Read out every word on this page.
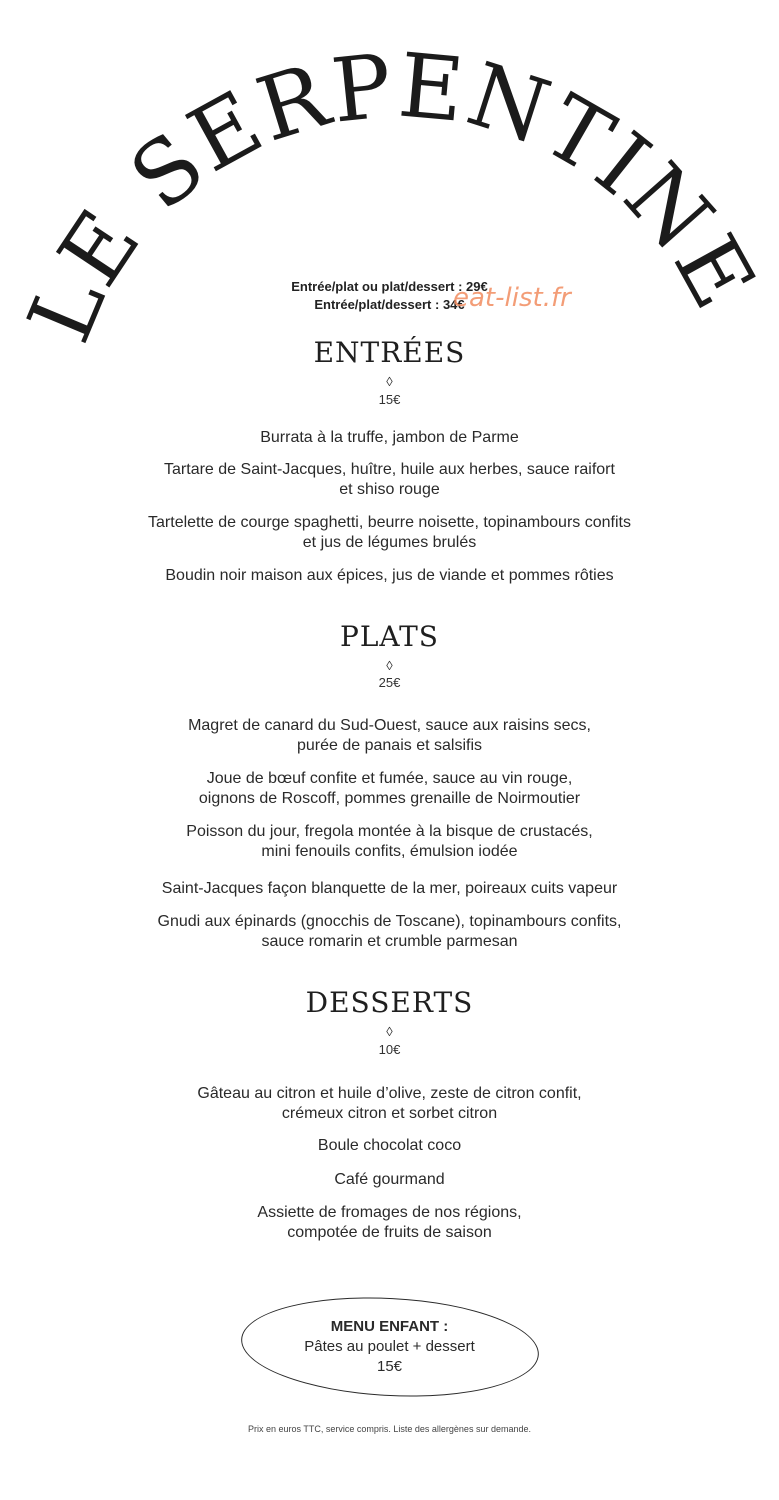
LE SERPENTINE
Entrée/plat ou plat/dessert : 29€
Entrée/plat/dessert : 34€
eat-list.fr
ENTRÉES
◊
15€
Burrata à la truffe, jambon de Parme
Tartare de Saint-Jacques, huître, huile aux herbes, sauce raifort
et shiso rouge
Tartelette de courge spaghetti, beurre noisette, topinambours confits
et jus de légumes brulés
Boudin noir maison aux épices, jus de viande et pommes rôties
PLATS
◊
25€
Magret de canard du Sud-Ouest, sauce aux raisins secs,
purée de panais et salsifis
Joue de bœuf confite et fumée, sauce au vin rouge,
oignons de Roscoff, pommes grenaille de Noirmoutier
Poisson du jour, fregola montée à la bisque de crustacés,
mini fenouils confits, émulsion iodée
Saint-Jacques façon blanquette de la mer, poireaux cuits vapeur
Gnudi aux épinards (gnocchis de Toscane), topinambours confits,
sauce romarin et crumble parmesan
DESSERTS
◊
10€
Gâteau au citron et huile d’olive, zeste de citron confit,
crémeux citron et sorbet citron
Boule chocolat coco
Café gourmand
Assiette de fromages de nos régions,
compotée de fruits de saison
MENU ENFANT :
Pâtes au poulet + dessert
15€
Prix en euros TTC, service compris. Liste des allergènes sur demande.
